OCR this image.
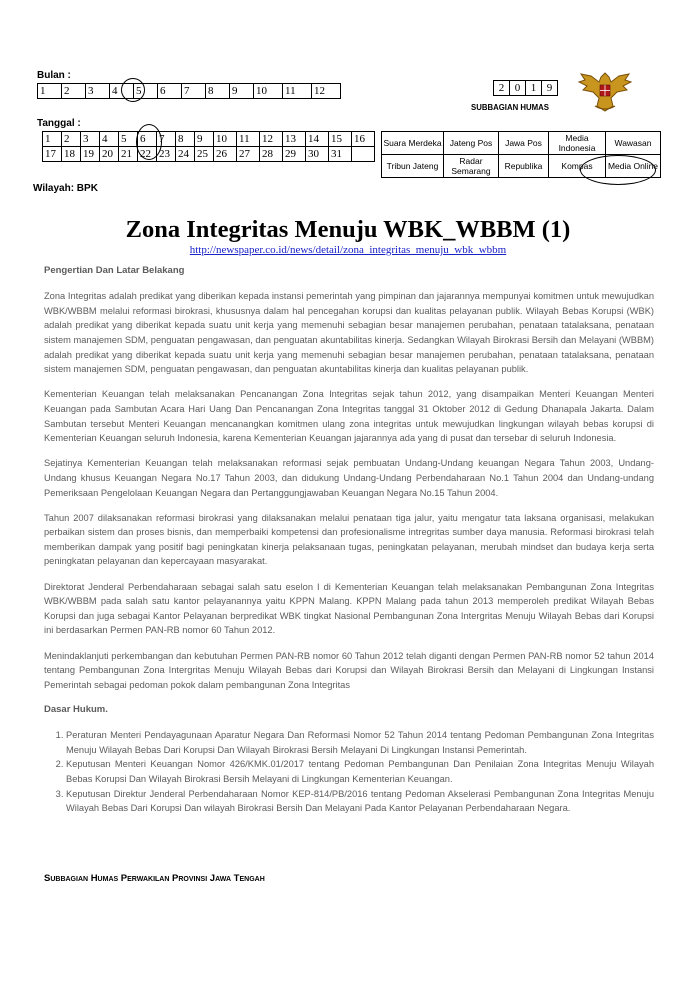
Bulan :
1	2	3	4	5	6	7	8	9	10	11	12
Tanggal :
1	2	3	4	5	6	7	8	9	10	11	12	13	14	15	16
17	18	19	20	21	22	23	24	25	26	27	28	29	30	31	
Wilayah: BPK
2	0	1	9
SUBBAGIAN HUMAS
Suara Merdeka	Jateng Pos	Jawa Pos	Media Indonesia	Wawasan
Tribun Jateng	Radar Semarang	Republika	Kompas	Media Online
Zona Integritas Menuju WBK_WBBM (1)
http://newspaper.co.id/news/detail/zona_integritas_menuju_wbk_wbbm
Pengertian Dan Latar Belakang

Zona Integritas adalah predikat yang diberikan kepada instansi pemerintah yang pimpinan dan jajarannya mempunyai komitmen untuk mewujudkan WBK/WBBM melalui reformasi birokrasi, khususnya dalam hal pencegahan korupsi dan kualitas pelayanan publik. Wilayah Bebas Korupsi (WBK) adalah predikat yang diberikat kepada suatu unit kerja yang memenuhi sebagian besar manajemen perubahan, penataan tatalaksana, penataan sistem manajemen SDM, penguatan pengawasan, dan penguatan akuntabilitas kinerja. Sedangkan Wilayah Birokrasi Bersih dan Melayani (WBBM) adalah predikat yang diberikat kepada suatu unit kerja yang memenuhi sebagian besar manajemen perubahan, penataan tatalaksana, penataan sistem manajemen SDM, penguatan pengawasan, dan penguatan akuntabilitas kinerja dan kualitas pelayanan publik.

Kementerian Keuangan telah melaksanakan Pencanangan Zona Integritas sejak tahun 2012, yang disampaikan Menteri Keuangan Menteri Keuangan pada Sambutan Acara Hari Uang Dan Pencanangan Zona Integritas tanggal 31 Oktober 2012 di Gedung Dhanapala Jakarta. Dalam Sambutan tersebut Menteri Keuangan mencanangkan komitmen ulang zona integritas untuk mewujudkan lingkungan wilayah bebas korupsi di Kementerian Keuangan seluruh Indonesia, karena Kementerian Keuangan jajarannya ada yang di pusat dan tersebar di seluruh Indonesia.

Sejatinya Kementerian Keuangan telah melaksanakan reformasi sejak pembuatan Undang-Undang keuangan Negara Tahun 2003, Undang-Undang khusus Keuangan Negara No.17 Tahun 2003, dan didukung Undang-Undang Perbendaharaan No.1 Tahun 2004 dan Undang-undang Pemeriksaan Pengelolaan Keuangan Negara dan Pertanggungjawaban Keuangan Negara No.15 Tahun 2004.

Tahun 2007 dilaksanakan reformasi birokrasi yang dilaksanakan melalui penataan tiga jalur, yaitu mengatur tata laksana organisasi, melakukan perbaikan sistem dan proses bisnis, dan memperbaiki kompetensi dan profesionalisme intregritas sumber daya manusia. Reformasi birokrasi telah memberikan dampak yang positif bagi peningkatan kinerja pelaksanaan tugas, peningkatan pelayanan, merubah mindset dan budaya kerja serta peningkatan pelayanan dan kepercayaan masyarakat.

Direktorat Jenderal Perbendaharaan sebagai salah satu eselon I di Kementerian Keuangan telah melaksanakan Pembangunan Zona Integritas WBK/WBBM pada salah satu kantor pelayanannya yaitu KPPN Malang. KPPN Malang pada tahun 2013 memperoleh predikat Wilayah Bebas Korupsi dan juga sebagai Kantor Pelayanan berpredikat WBK tingkat Nasional Pembangunan Zona Intergritas Menuju Wilayah Bebas dari Korupsi ini berdasarkan Permen PAN-RB nomor 60 Tahun 2012.

Menindaklanjuti perkembangan dan kebutuhan Permen PAN-RB nomor 60 Tahun 2012 telah diganti dengan Permen PAN-RB nomor 52 tahun 2014 tentang Pembangunan Zona Intergritas Menuju Wilayah Bebas dari Korupsi dan Wilayah Birokrasi Bersih dan Melayani di Lingkungan Instansi Pemerintah sebagai pedoman pokok dalam pembangunan Zona Integritas

Dasar Hukum.
1. Peraturan Menteri Pendayagunaan Aparatur Negara Dan Reformasi Nomor 52 Tahun 2014 tentang Pedoman Pembangunan Zona Integritas Menuju Wilayah Bebas Dari Korupsi Dan Wilayah Birokrasi Bersih Melayani Di Lingkungan Instansi Pemerintah.
2. Keputusan Menteri Keuangan Nomor 426/KMK.01/2017 tentang Pedoman Pembangunan Dan Penilaian Zona Integritas Menuju Wilayah Bebas Korupsi Dan Wilayah Birokrasi Bersih Melayani di Lingkungan Kementerian Keuangan.
3. Keputusan Direktur Jenderal Perbendaharaan Nomor KEP-814/PB/2016 tentang Pedoman Akselerasi Pembangunan Zona Integritas Menuju Wilayah Bebas Dari Korupsi Dan wilayah Birokrasi Bersih Dan Melayani Pada Kantor Pelayanan Perbendaharaan Negara.
Subbagian Humas Perwakilan Provinsi Jawa Tengah
